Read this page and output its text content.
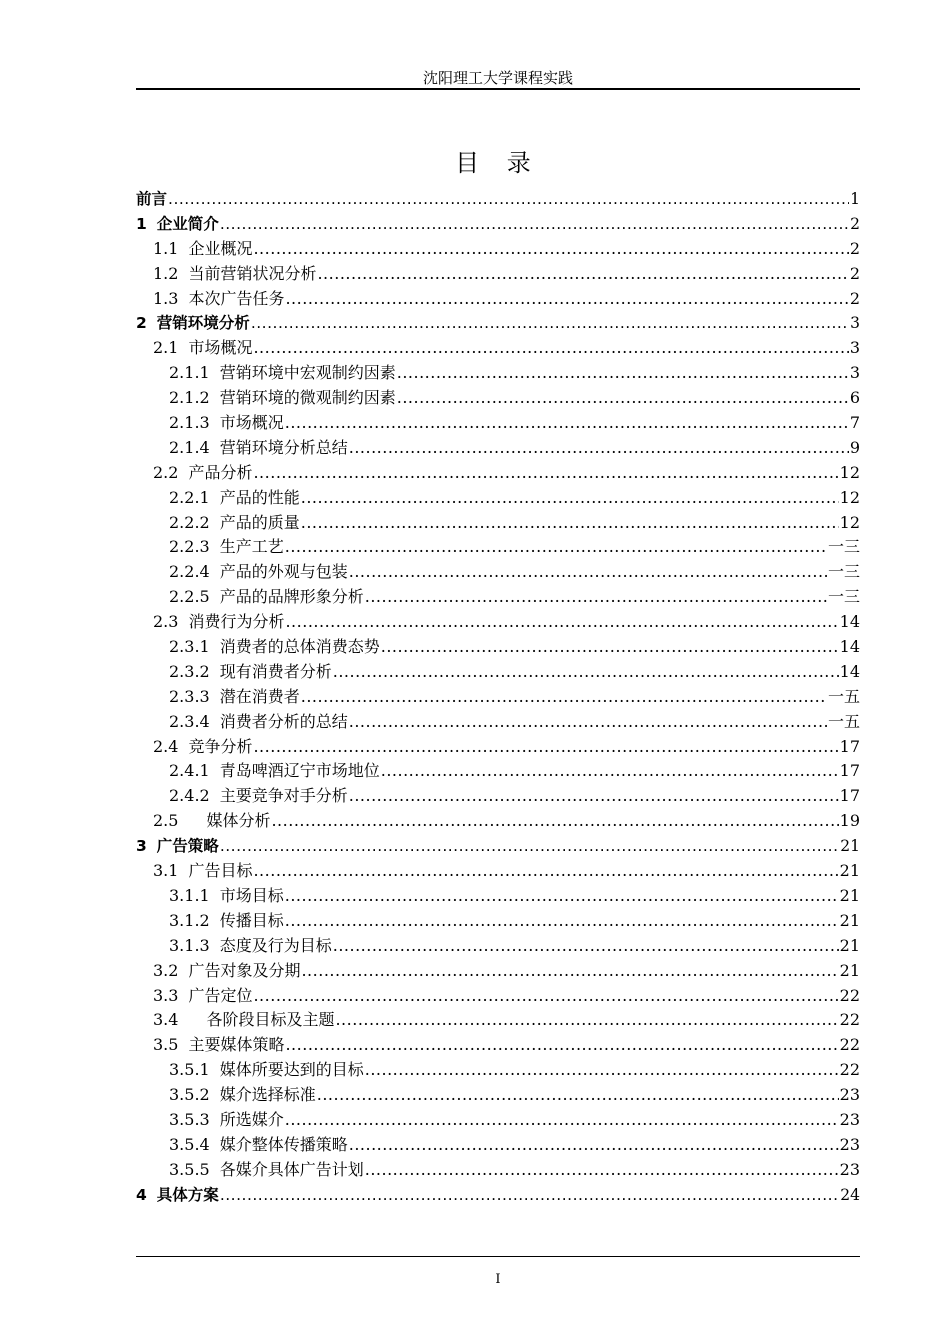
沈阳理工大学课程实践
目 录
前言 .....	1
1 企业简介 .....	2
1.1 企业概况 .....	2
1.2 当前营销状况分析 .....	2
1.3 本次广告任务 .....	2
2 营销环境分析 .....	3
2.1 市场概况 .....	3
2.1.1 营销环境中宏观制约因素 .....	3
2.1.2 营销环境的微观制约因素 .....	6
2.1.3 市场概况 .....	7
2.1.4 营销环境分析总结 .....	9
2.2 产品分析 .....	12
2.2.1 产品的性能 .....	12
2.2.2 产品的质量 .....	12
2.2.3 生产工艺 .....	一三
2.2.4 产品的外观与包装 .....	一三
2.2.5 产品的品牌形象分析 .....	一三
2.3 消费行为分析 .....	14
2.3.1 消费者的总体消费态势 .....	14
2.3.2 现有消费者分析 .....	14
2.3.3 潜在消费者 .....	一五
2.3.4 消费者分析的总结 .....	一五
2.4 竞争分析 .....	17
2.4.1 青岛啤酒辽宁市场地位 .....	17
2.4.2 主要竞争对手分析 .....	17
2.5 媒体分析 .....	19
3 广告策略 .....	21
3.1 广告目标 .....	21
3.1.1 市场目标 .....	21
3.1.2 传播目标 .....	21
3.1.3 态度及行为目标 .....	21
3.2 广告对象及分期 .....	21
3.3 广告定位 .....	22
3.4 各阶段目标及主题 .....	22
3.5 主要媒体策略 .....	22
3.5.1 媒体所要达到的目标 .....	22
3.5.2 媒介选择标准 .....	23
3.5.3 所选媒介 .....	23
3.5.4 媒介整体传播策略 .....	23
3.5.5 各媒介具体广告计划 .....	23
4 具体方案 .....	24
I
